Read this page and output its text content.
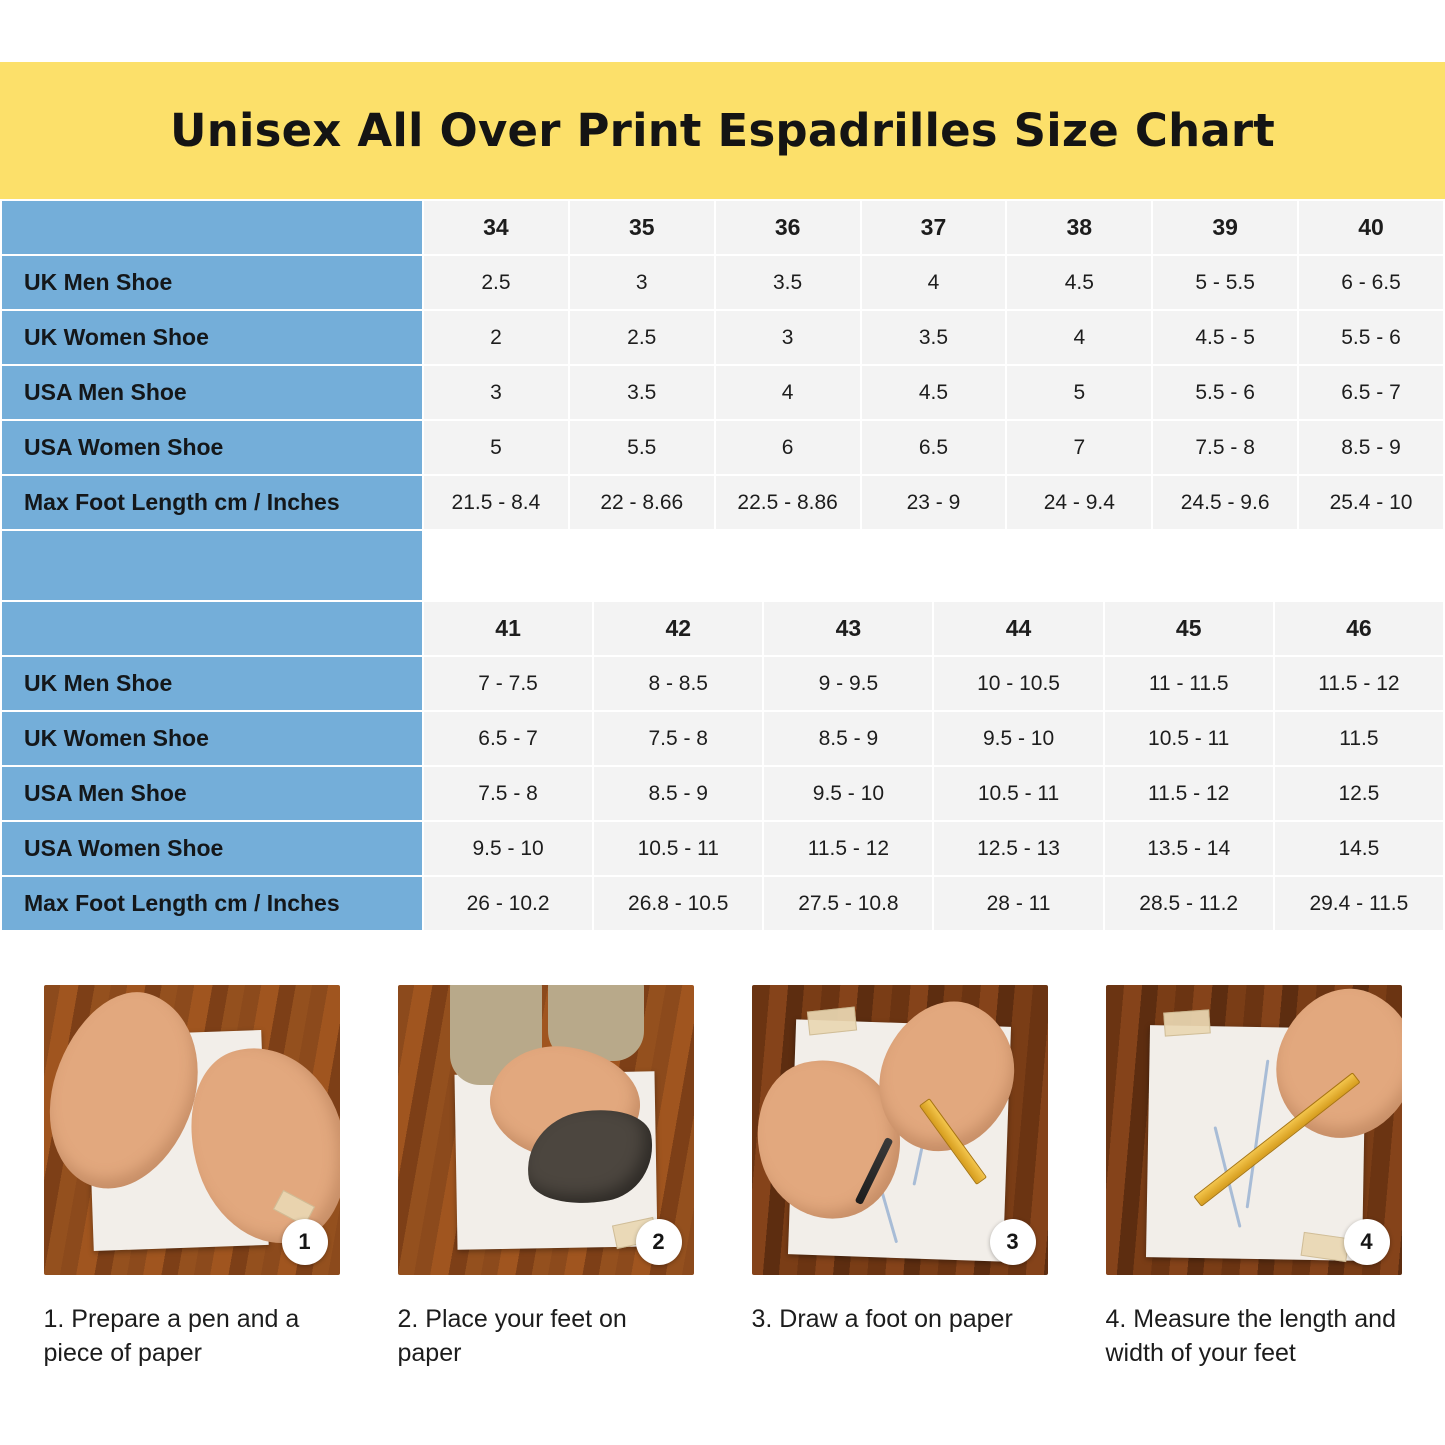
Unisex All Over Print Espadrilles Size Chart
	34	35	36	37	38	39	40
UK Men Shoe	2.5	3	3.5	4	4.5	5 - 5.5	6 - 6.5
UK Women Shoe	2	2.5	3	3.5	4	4.5 - 5	5.5 - 6
USA Men Shoe	3	3.5	4	4.5	5	5.5 - 6	6.5 - 7
USA Women Shoe	5	5.5	6	6.5	7	7.5 - 8	8.5 - 9
Max Foot Length cm / Inches	21.5 - 8.4	22 - 8.66	22.5 - 8.86	23 - 9	24 - 9.4	24.5 - 9.6	25.4 - 10

	41	42	43	44	45	46
UK Men Shoe	7 - 7.5	8 - 8.5	9 - 9.5	10 - 10.5	11 - 11.5	11.5 - 12
UK Women Shoe	6.5 - 7	7.5 - 8	8.5 - 9	9.5 - 10	10.5 - 11	11.5
USA Men Shoe	7.5 - 8	8.5 - 9	9.5 - 10	10.5 - 11	11.5 - 12	12.5
USA Women Shoe	9.5 - 10	10.5 - 11	11.5 - 12	12.5 - 13	13.5 - 14	14.5
Max Foot Length cm / Inches	26 - 10.2	26.8 - 10.5	27.5 - 10.8	28 - 11	28.5 - 11.2	29.4 - 11.5
1
1. Prepare a pen and a piece of paper
2
2. Place your feet on paper
3
3. Draw a foot on paper
4
4. Measure the length and width of your feet
